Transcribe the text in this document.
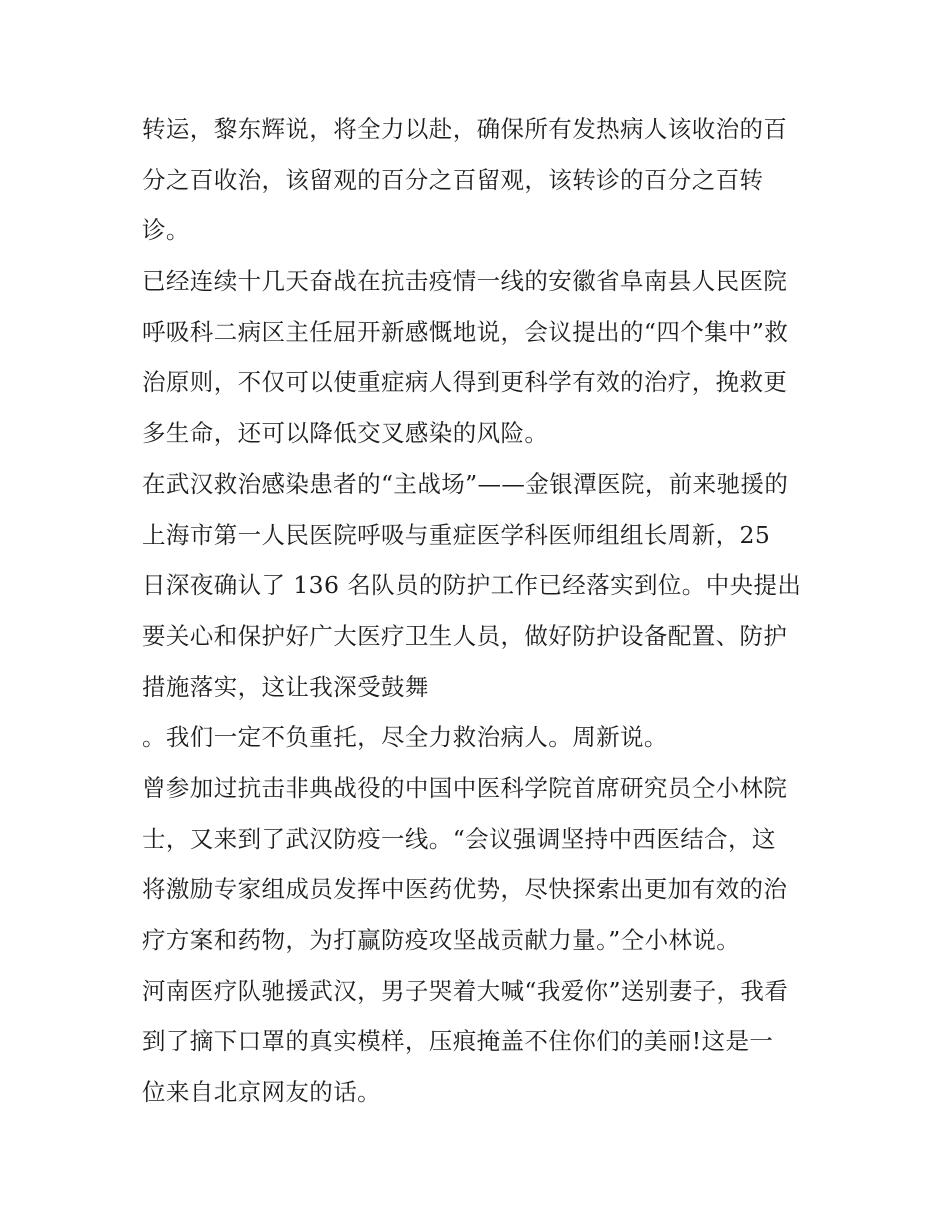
转运，黎东辉说，将全力以赴，确保所有发热病人该收治的百
分之百收治，该留观的百分之百留观，该转诊的百分之百转
诊。
已经连续十几天奋战在抗击疫情一线的安徽省阜南县人民医院
呼吸科二病区主任屈开新感慨地说，会议提出的“四个集中”救
治原则，不仅可以使重症病人得到更科学有效的治疗，挽救更
多生命，还可以降低交叉感染的风险。
在武汉救治感染患者的“主战场”——金银潭医院，前来驰援的
上海市第一人民医院呼吸与重症医学科医师组组长周新，25
日深夜确认了 136 名队员的防护工作已经落实到位。中央提出
要关心和保护好广大医疗卫生人员，做好防护设备配置、防护
措施落实，这让我深受鼓舞
。我们一定不负重托，尽全力救治病人。周新说。
曾参加过抗击非典战役的中国中医科学院首席研究员仝小林院
士，又来到了武汉防疫一线。“会议强调坚持中西医结合，这
将激励专家组成员发挥中医药优势，尽快探索出更加有效的治
疗方案和药物，为打赢防疫攻坚战贡献力量。”仝小林说。
河南医疗队驰援武汉，男子哭着大喊“我爱你”送别妻子，我看
到了摘下口罩的真实模样，压痕掩盖不住你们的美丽!这是一
位来自北京网友的话。
